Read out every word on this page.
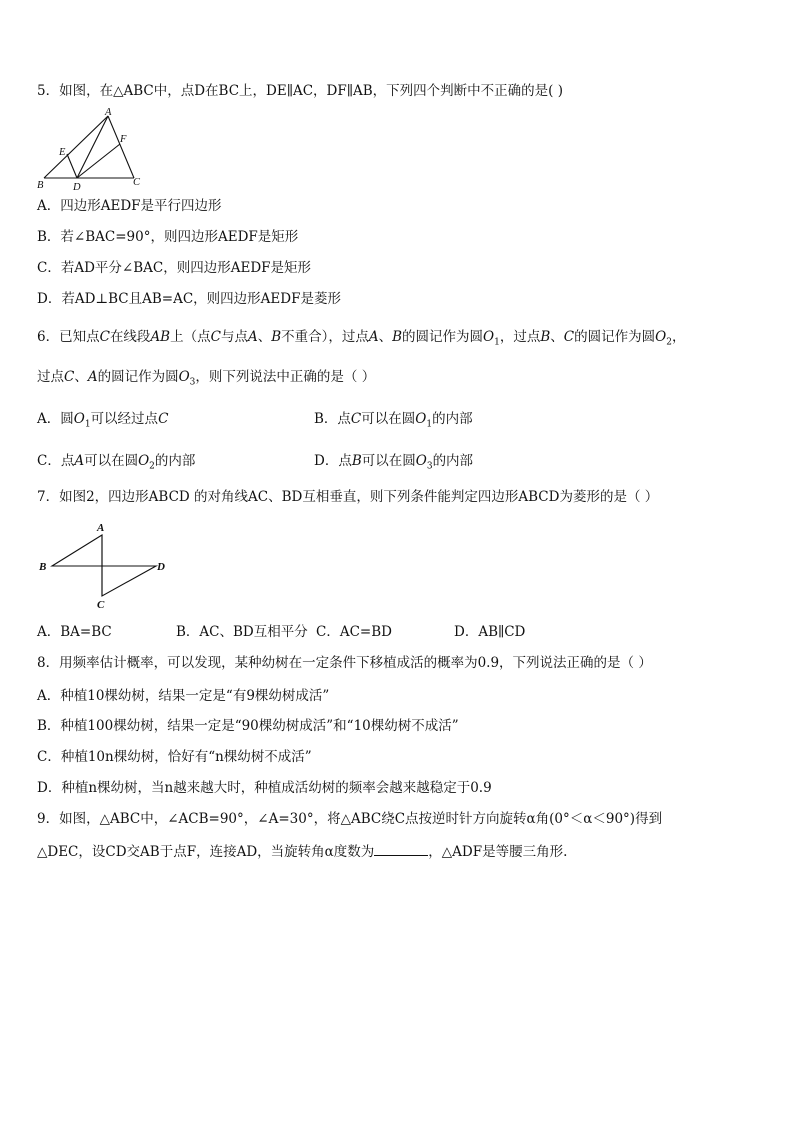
5．如图，在△ABC中，点D在BC上，DE∥AC，DF∥AB，下列四个判断中不正确的是( )
A
B	C
D
E
F
A．四边形AEDF是平行四边形
B．若∠BAC=90°，则四边形AEDF是矩形
C．若AD平分∠BAC，则四边形AEDF是矩形
D．若AD⊥BC且AB=AC，则四边形AEDF是菱形
6．已知点C在线段AB上（点C与点A、B不重合），过点A、B的圆记作为圆$O_1$，过点B、C的圆记作为圆$O_2$，
过点C、A的圆记作为圆$O_3$，则下列说法中正确的是（ ）
A．圆$O_1$可以经过点C	B．点C可以在圆$O_1$的内部
C．点A可以在圆$O_2$的内部	D．点B可以在圆$O_3$的内部
7．如图2，四边形ABCD 的对角线AC、BD互相垂直，则下列条件能判定四边形ABCD为菱形的是（ ）
A
B
C
D
A．BA=BC	B．AC、BD互相平分 C．AC=BD	D．AB∥CD
8．用频率估计概率，可以发现，某种幼树在一定条件下移植成活的概率为0.9，下列说法正确的是（ ）
A．种植10棵幼树，结果一定是“有9棵幼树成活”
B．种植100棵幼树，结果一定是“90棵幼树成活”和“10棵幼树不成活”
C．种植10n棵幼树，恰好有“n棵幼树不成活”
D．种植n棵幼树，当n越来越大时，种植成活幼树的频率会越来越稳定于0.9
9．如图，△ABC中，∠ACB=90°，∠A=30°，将△ABC绕C点按逆时针方向旋转α角(0°＜α＜90°)得到
△DEC，设CD交AB于点F，连接AD，当旋转角α度数为	，△ADF是等腰三角形.
